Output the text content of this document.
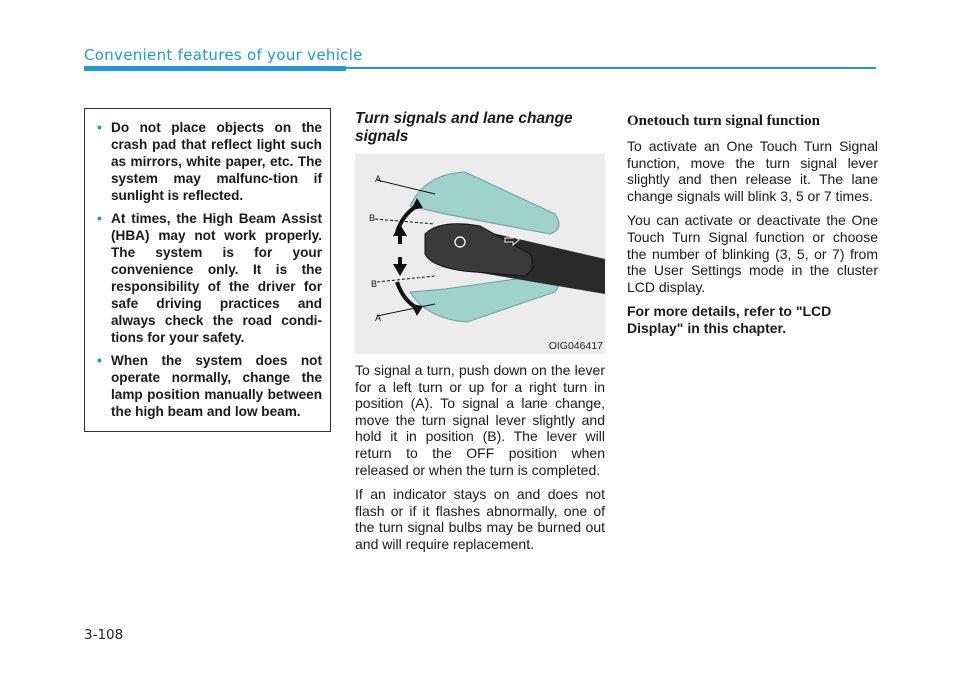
Convenient features of your vehicle
• Do not place objects on the crash pad that reflect light such as mirrors, white paper, etc. The system may malfunc-tion if sunlight is reflected.
• At times, the High Beam Assist (HBA) may not work properly. The system is for your convenience only. It is the responsibility of the driver for safe driving practices and always check the road condi-tions for your safety.
• When the system does not operate normally, change the lamp position manually between the high beam and low beam.
Turn signals and lane change signals
A
B
B
A
OIG046417

To signal a turn, push down on the lever for a left turn or up for a right turn in position (A). To signal a lane change, move the turn signal lever slightly and hold it in position (B). The lever will return to the OFF position when released or when the turn is completed.

If an indicator stays on and does not flash or if it flashes abnormally, one of the turn signal bulbs may be burned out and will require replacement.

Onetouch turn signal function

To activate an One Touch Turn Signal function, move the turn signal lever slightly and then release it. The lane change signals will blink 3, 5 or 7 times.

You can activate or deactivate the One Touch Turn Signal function or choose the number of blinking (3, 5, or 7) from the User Settings mode in the cluster LCD display.

For more details, refer to "LCD Display" in this chapter.

3-108
